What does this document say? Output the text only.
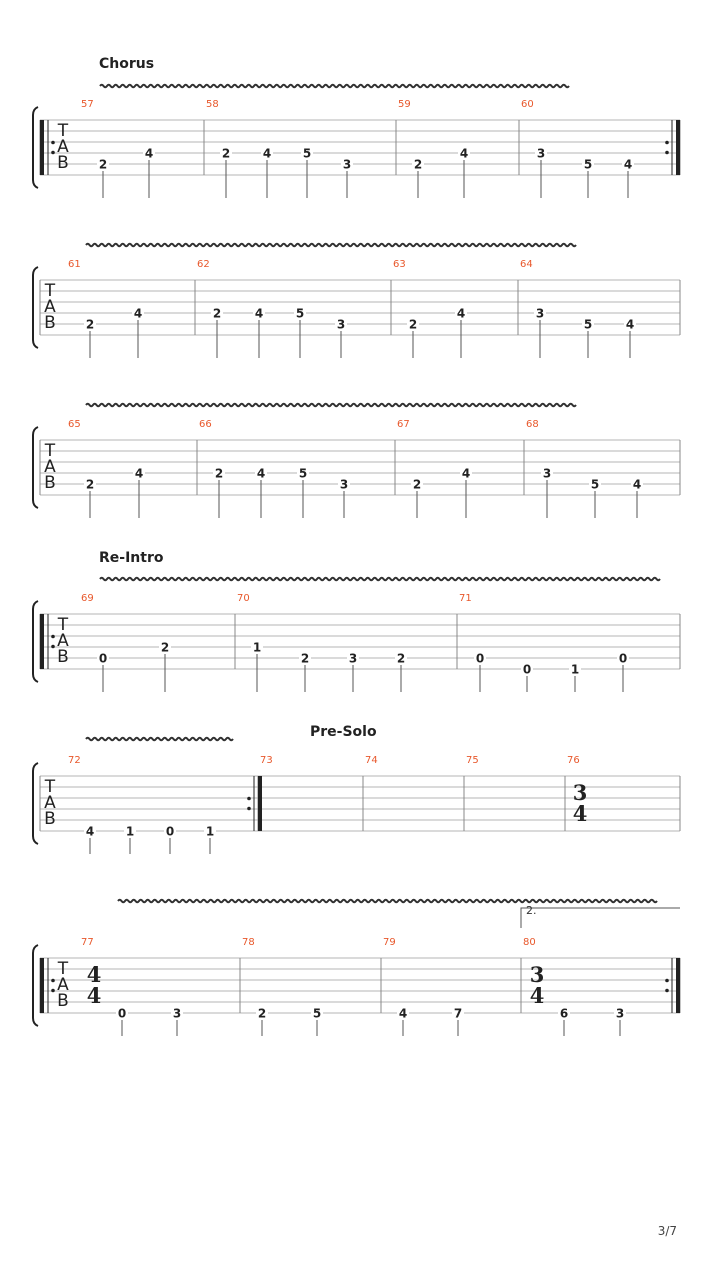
Chorus
T
A
B
57
2
4
58
2	4	5
3
59
2
4
60
3
5	4
T
A
B
61
2
4
62
2	4	5
3
63
2
4
64
3
5	4
T
A
B
65
2
4
66
2	4	5
3
67
2
4
68
3
5	4
Re-Intro
T
A
B
69
0
2
70
1
2	3	2
71
0
0	1
0
Pre-Solo
T
A
B
72
4	1	0	1
73	74	75	76
3
4
2.
T
A
B
77
4
4
0	3
78
2	5
79
4	7
80
3
4
6	3
3/7
